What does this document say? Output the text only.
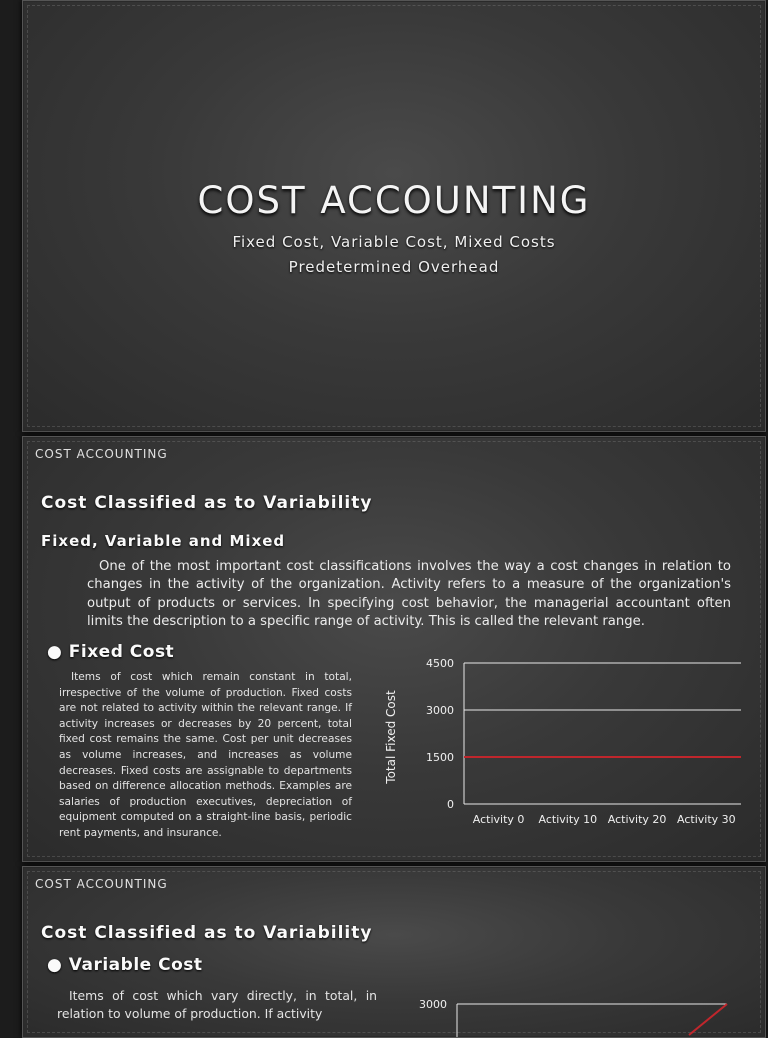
COST ACCOUNTING
Fixed Cost, Variable Cost, Mixed Costs
Predetermined Overhead
COST ACCOUNTING
Cost Classified as to Variability
Fixed, Variable and Mixed
One of the most important cost classifications involves the way a cost changes in relation to changes in the activity of the organization. Activity refers to a measure of the organization's output of products or services. In specifying cost behavior, the managerial accountant often limits the description to a specific range of activity. This is called the relevant range.
● Fixed Cost
Items of cost which remain constant in total, irrespective of the volume of production. Fixed costs are not related to activity within the relevant range. If activity increases or decreases by 20 percent, total fixed cost remains the same. Cost per unit decreases as volume increases, and increases as volume decreases. Fixed costs are assignable to departments based on difference allocation methods. Examples are salaries of production executives, depreciation of equipment computed on a straight-line basis, periodic rent payments, and insurance.
0
1500
3000
4500
Activity 0 Activity 10 Activity 20 Activity 30
Total Fixed Cost
COST ACCOUNTING
Cost Classified as to Variability
● Variable Cost
Items of cost which vary directly, in total, in relation to volume of production. If activity
3000
